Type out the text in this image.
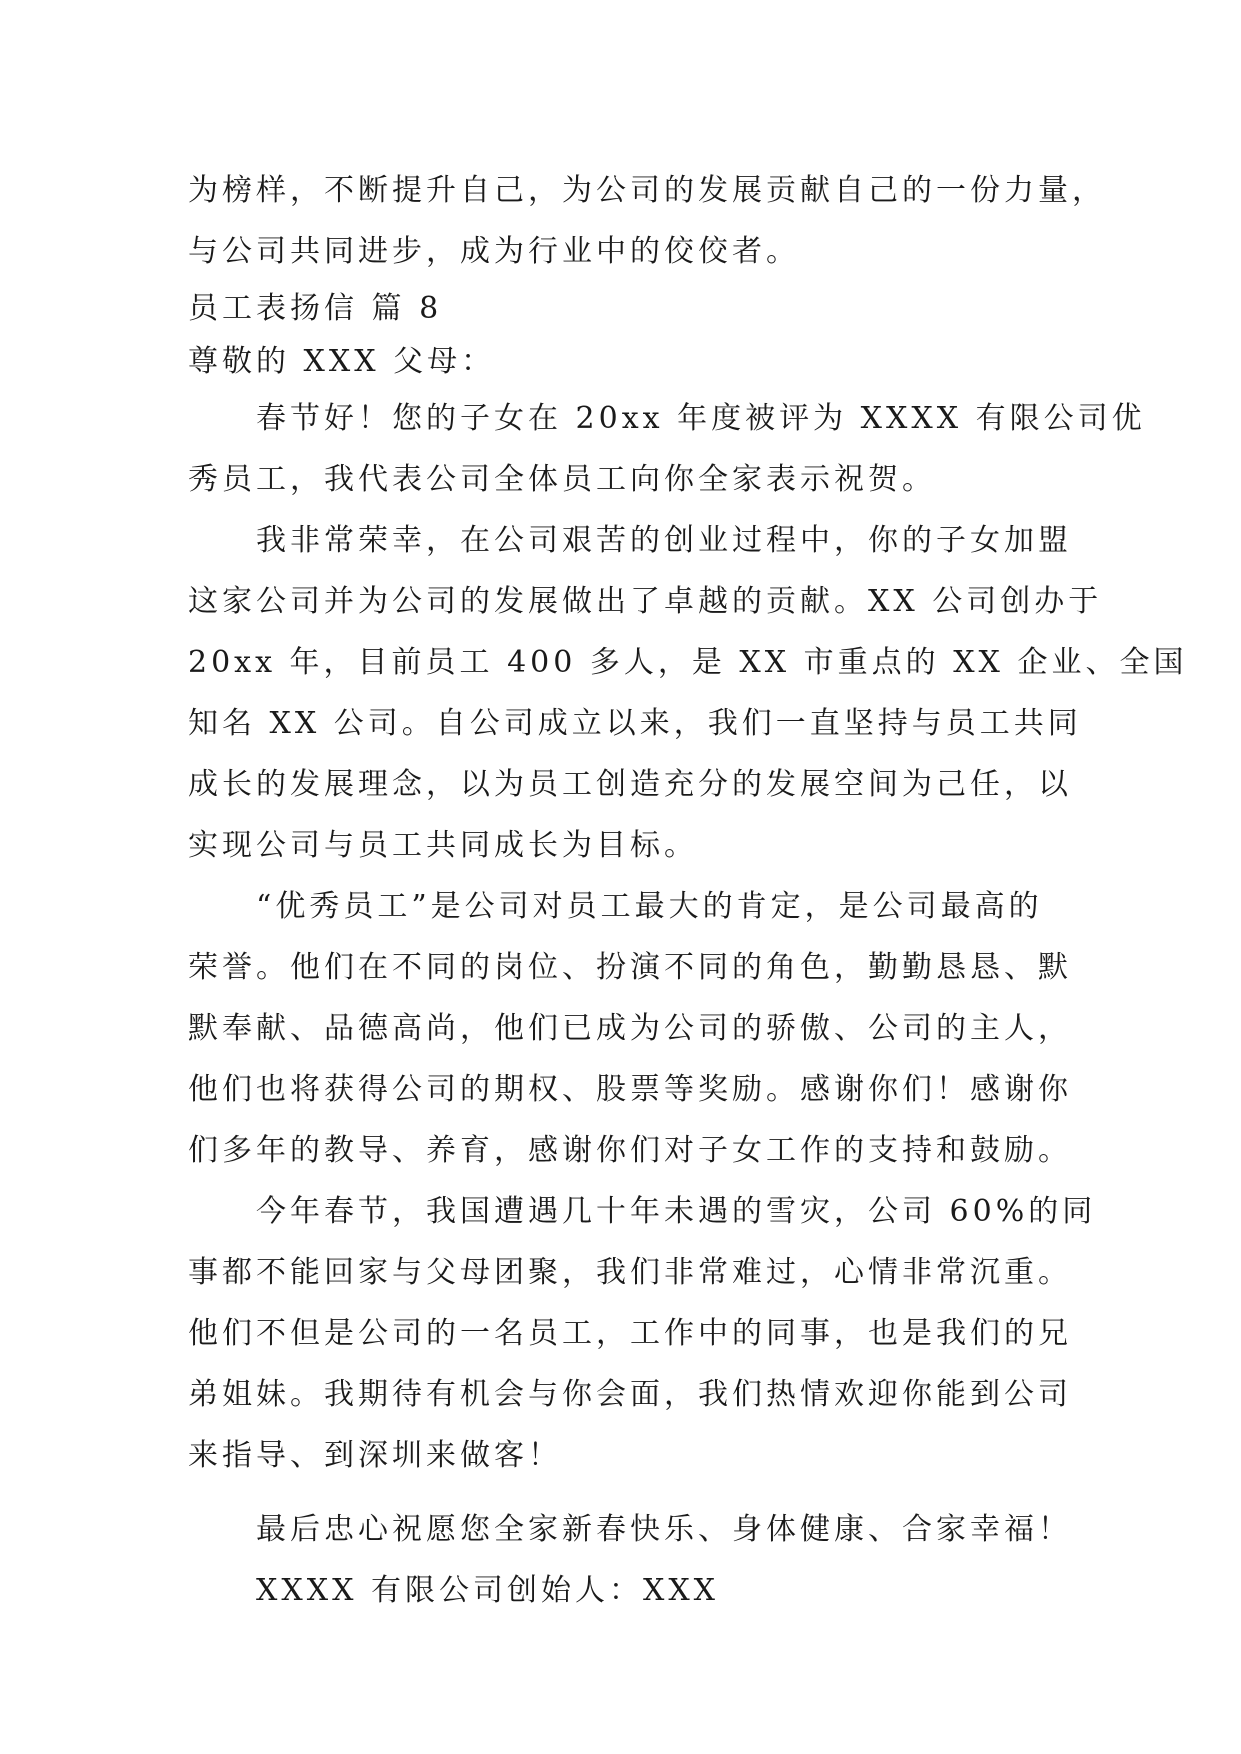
为榜样，不断提升自己，为公司的发展贡献自己的一份力量，
与公司共同进步，成为行业中的佼佼者。
员工表扬信 篇 8
尊敬的 XXX 父母：
春节好！您的子女在 20xx 年度被评为 XXXX 有限公司优
秀员工，我代表公司全体员工向你全家表示祝贺。
我非常荣幸，在公司艰苦的创业过程中，你的子女加盟
这家公司并为公司的发展做出了卓越的贡献。XX 公司创办于
20xx 年，目前员工 400 多人，是 XX 市重点的 XX 企业、全国
知名 XX 公司。自公司成立以来，我们一直坚持与员工共同
成长的发展理念，以为员工创造充分的发展空间为己任，以
实现公司与员工共同成长为目标。
“优秀员工”是公司对员工最大的肯定，是公司最高的
荣誉。他们在不同的岗位、扮演不同的角色，勤勤恳恳、默
默奉献、品德高尚，他们已成为公司的骄傲、公司的主人，
他们也将获得公司的期权、股票等奖励。感谢你们！感谢你
们多年的教导、养育，感谢你们对子女工作的支持和鼓励。
今年春节，我国遭遇几十年未遇的雪灾，公司 60%的同
事都不能回家与父母团聚，我们非常难过，心情非常沉重。
他们不但是公司的一名员工，工作中的同事，也是我们的兄
弟姐妹。我期待有机会与你会面，我们热情欢迎你能到公司
来指导、到深圳来做客！
最后忠心祝愿您全家新春快乐、身体健康、合家幸福！
XXXX 有限公司创始人：XXX
